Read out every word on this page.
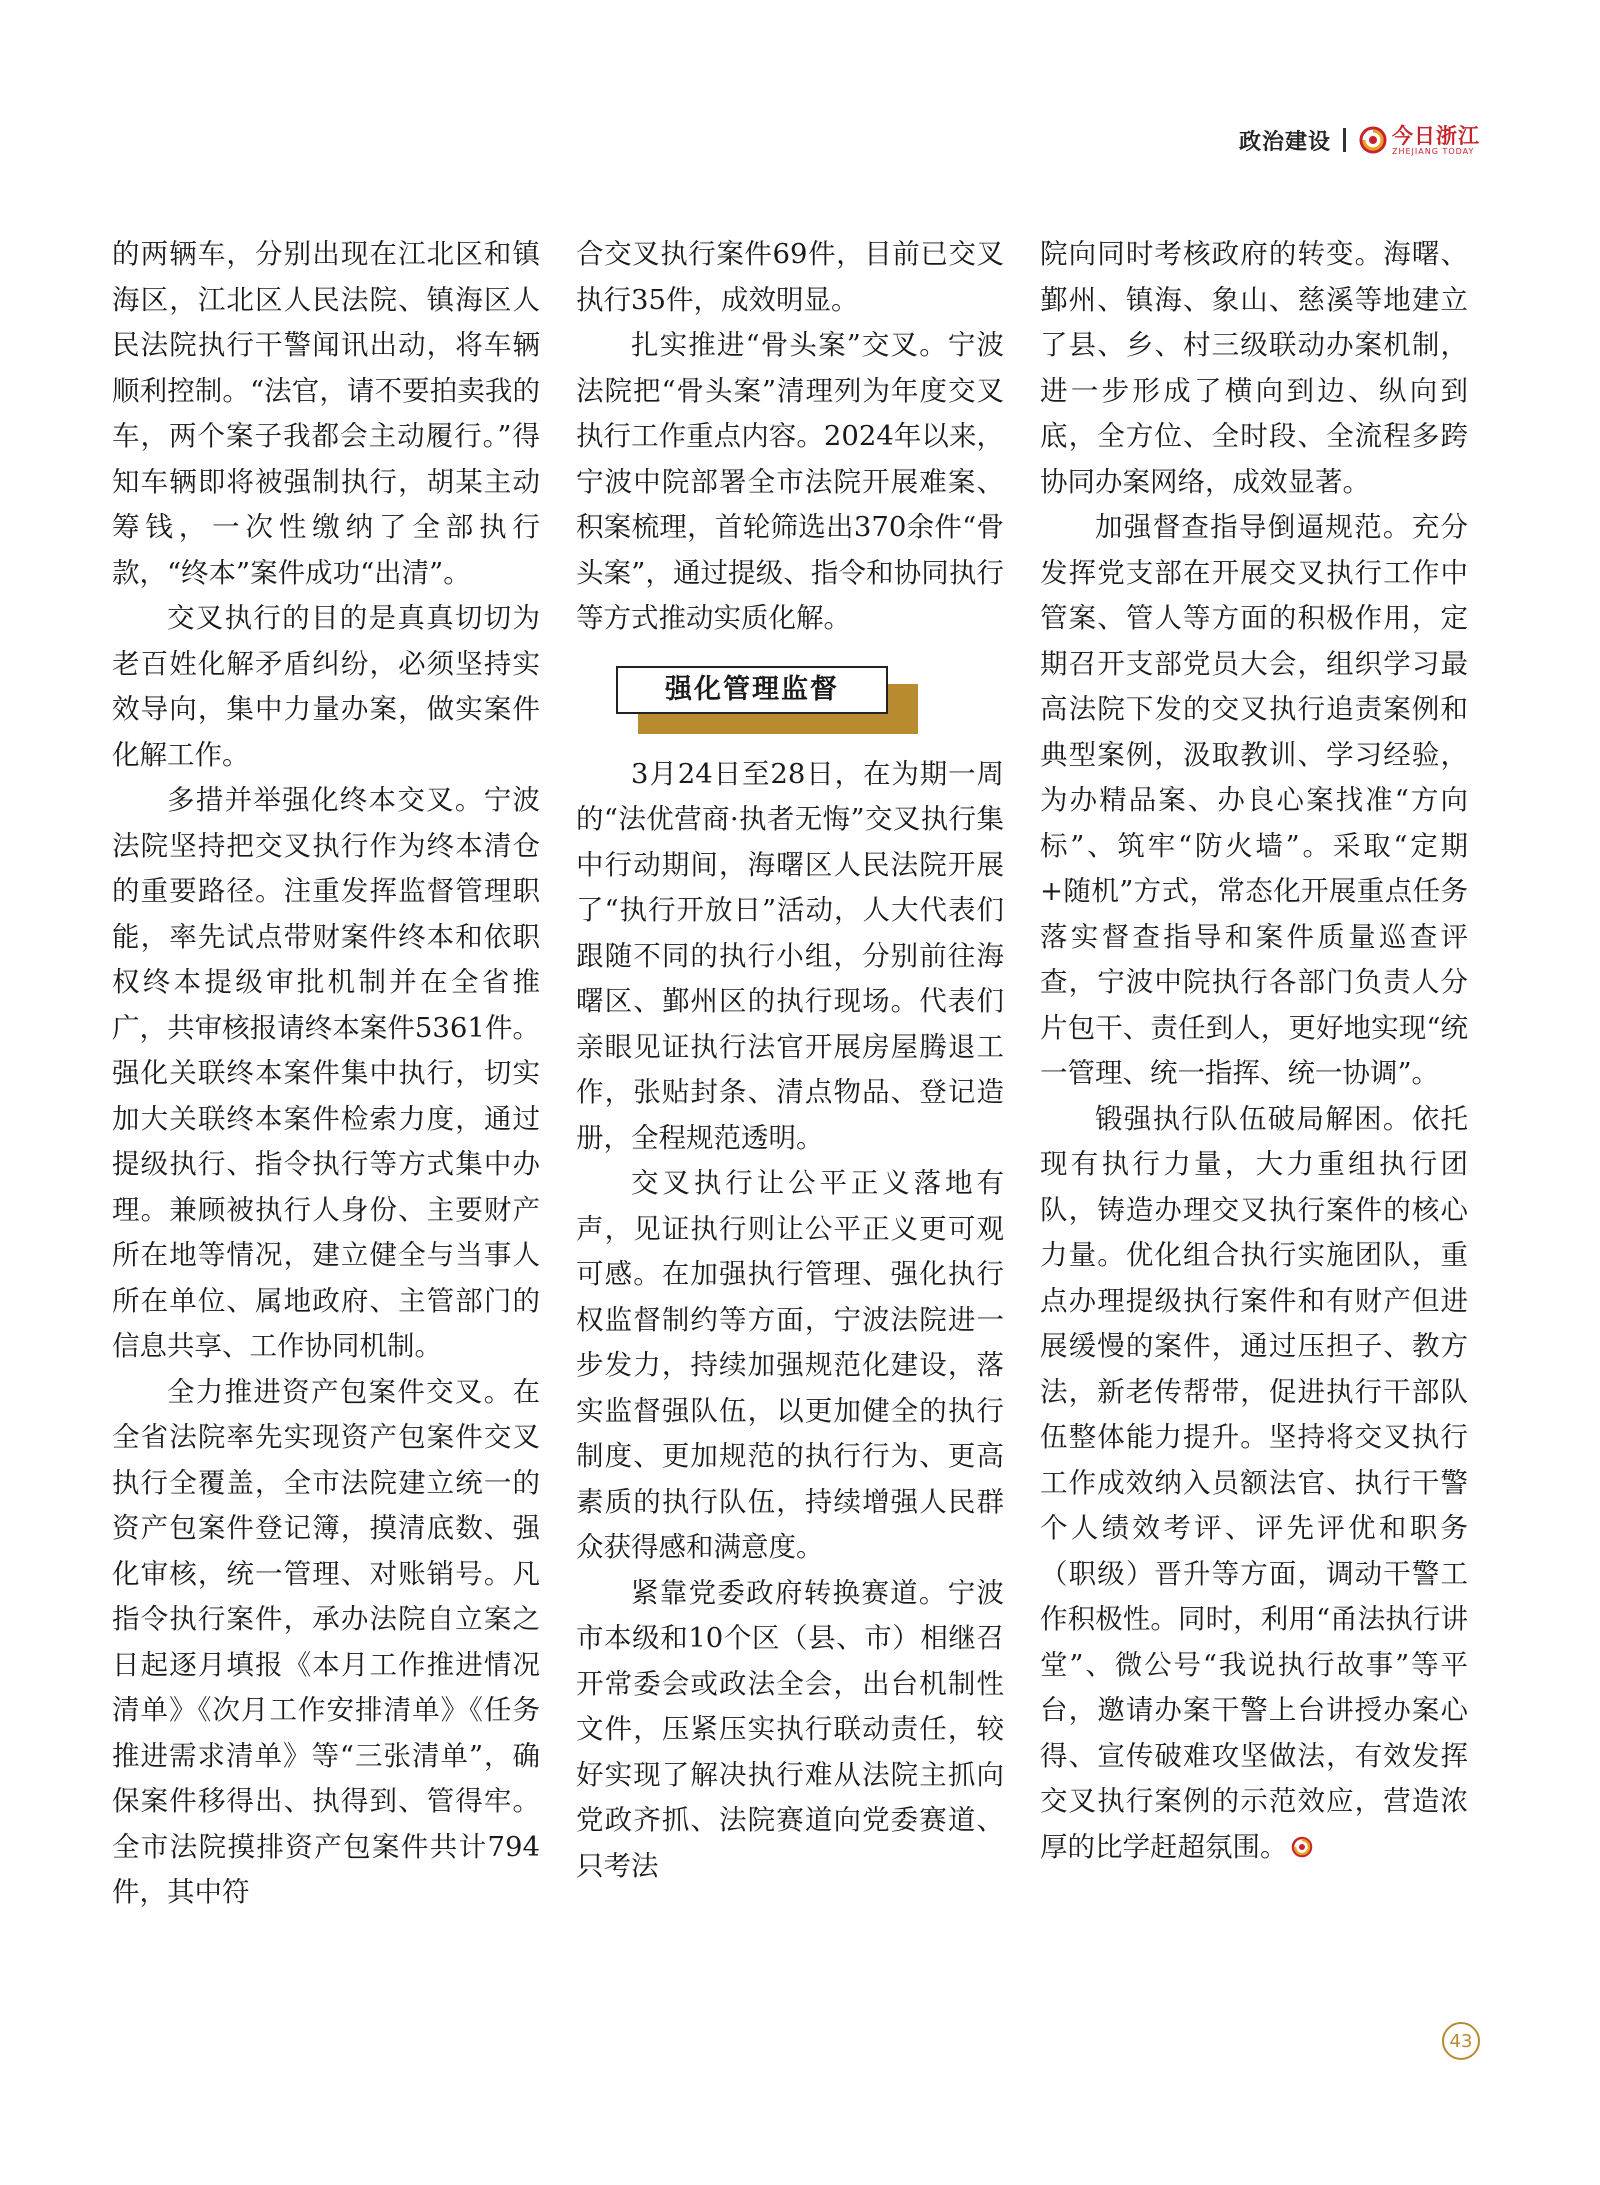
政治建设	今日浙江
ZHEJIANG TODAY

的两辆车，分别出现在江北区和镇海区，江北区人民法院、镇海区人民法院执行干警闻讯出动，将车辆顺利控制。“法官，请不要拍卖我的车，两个案子我都会主动履行。”得知车辆即将被强制执行，胡某主动筹钱，一次性缴纳了全部执行款，“终本”案件成功“出清”。

交叉执行的目的是真真切切为老百姓化解矛盾纠纷，必须坚持实效导向，集中力量办案，做实案件化解工作。

多措并举强化终本交叉。宁波法院坚持把交叉执行作为终本清仓的重要路径。注重发挥监督管理职能，率先试点带财案件终本和依职权终本提级审批机制并在全省推广，共审核报请终本案件5361件。强化关联终本案件集中执行，切实加大关联终本案件检索力度，通过提级执行、指令执行等方式集中办理。兼顾被执行人身份、主要财产所在地等情况，建立健全与当事人所在单位、属地政府、主管部门的信息共享、工作协同机制。

全力推进资产包案件交叉。在全省法院率先实现资产包案件交叉执行全覆盖，全市法院建立统一的资产包案件登记簿，摸清底数、强化审核，统一管理、对账销号。凡指令执行案件，承办法院自立案之日起逐月填报《本月工作推进情况清单》《次月工作安排清单》《任务推进需求清单》等“三张清单”，确保案件移得出、执得到、管得牢。全市法院摸排资产包案件共计794件，其中符

合交叉执行案件69件，目前已交叉执行35件，成效明显。

扎实推进“骨头案”交叉。宁波法院把“骨头案”清理列为年度交叉执行工作重点内容。2024年以来，宁波中院部署全市法院开展难案、积案梳理，首轮筛选出370余件“骨头案”，通过提级、指令和协同执行等方式推动实质化解。

强化管理监督

3月24日至28日，在为期一周的“法优营商·执者无悔”交叉执行集中行动期间，海曙区人民法院开展了“执行开放日”活动，人大代表们跟随不同的执行小组，分别前往海曙区、鄞州区的执行现场。代表们亲眼见证执行法官开展房屋腾退工作，张贴封条、清点物品、登记造册，全程规范透明。

交叉执行让公平正义落地有声，见证执行则让公平正义更可观可感。在加强执行管理、强化执行权监督制约等方面，宁波法院进一步发力，持续加强规范化建设，落实监督强队伍，以更加健全的执行制度、更加规范的执行行为、更高素质的执行队伍，持续增强人民群众获得感和满意度。

紧靠党委政府转换赛道。宁波市本级和10个区（县、市）相继召开常委会或政法全会，出台机制性文件，压紧压实执行联动责任，较好实现了解决执行难从法院主抓向党政齐抓、法院赛道向党委赛道、只考法

院向同时考核政府的转变。海曙、鄞州、镇海、象山、慈溪等地建立了县、乡、村三级联动办案机制，进一步形成了横向到边、纵向到底，全方位、全时段、全流程多跨协同办案网络，成效显著。

加强督查指导倒逼规范。充分发挥党支部在开展交叉执行工作中管案、管人等方面的积极作用，定期召开支部党员大会，组织学习最高法院下发的交叉执行追责案例和典型案例，汲取教训、学习经验，为办精品案、办良心案找准“方向标”、筑牢“防火墙”。采取“定期+随机”方式，常态化开展重点任务落实督查指导和案件质量巡查评查，宁波中院执行各部门负责人分片包干、责任到人，更好地实现“统一管理、统一指挥、统一协调”。

锻强执行队伍破局解困。依托现有执行力量，大力重组执行团队，铸造办理交叉执行案件的核心力量。优化组合执行实施团队，重点办理提级执行案件和有财产但进展缓慢的案件，通过压担子、教方法，新老传帮带，促进执行干部队伍整体能力提升。坚持将交叉执行工作成效纳入员额法官、执行干警个人绩效考评、评先评优和职务（职级）晋升等方面，调动干警工作积极性。同时，利用“甬法执行讲堂”、微公号“我说执行故事”等平台，邀请办案干警上台讲授办案心得、宣传破难攻坚做法，有效发挥交叉执行案例的示范效应，营造浓厚的比学赶超氛围。

43
